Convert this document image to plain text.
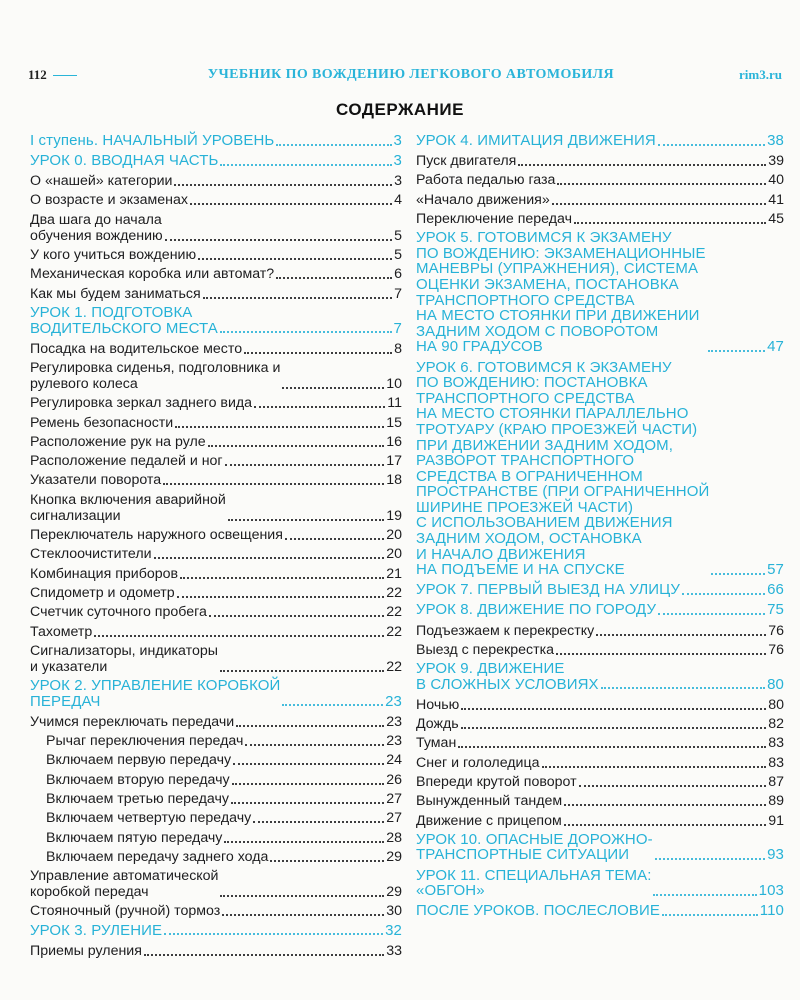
112	УЧЕБНИК ПО ВОЖДЕНИЮ ЛЕГКОВОГО АВТОМОБИЛЯ	rim3.ru
СОДЕРЖАНИЕ
I ступень. НАЧАЛЬНЫЙ УРОВЕНЬ	3
УРОК 0. ВВОДНАЯ ЧАСТЬ	3
О «нашей» категории	3
О возрасте и экзаменах	4
Два шага до начала
обучения вождению	5
У кого учиться вождению	5
Механическая коробка или автомат?	6
Как мы будем заниматься	7
УРОК 1. ПОДГОТОВКА
ВОДИТЕЛЬСКОГО МЕСТА	7
Посадка на водительское место	8
Регулировка сиденья, подголовника и
рулевого колеса	10
Регулировка зеркал заднего вида	11
Ремень безопасности	15
Расположение рук на руле	16
Расположение педалей и ног	17
Указатели поворота	18
Кнопка включения аварийной
сигнализации	19
Переключатель наружного освещения	20
Стеклоочистители	20
Комбинация приборов	21
Спидометр и одометр	22
Счетчик суточного пробега	22
Тахометр	22
Сигнализаторы, индикаторы
и указатели	22
УРОК 2. УПРАВЛЕНИЕ КОРОБКОЙ
ПЕРЕДАЧ	23
Учимся переключать передачи	23
Рычаг переключения передач	23
Включаем первую передачу	24
Включаем вторую передачу	26
Включаем третью передачу	27
Включаем четвертую передачу	27
Включаем пятую передачу	28
Включаем передачу заднего хода	29
Управление автоматической
коробкой передач	29
Стояночный (ручной) тормоз	30
УРОК 3. РУЛЕНИЕ	32
Приемы руления	33
УРОК 4. ИМИТАЦИЯ ДВИЖЕНИЯ	38
Пуск двигателя	39
Работа педалью газа	40
«Начало движения»	41
Переключение передач	45
УРОК 5. ГОТОВИМСЯ К ЭКЗАМЕНУ
ПО ВОЖДЕНИЮ: ЭКЗАМЕНАЦИОННЫЕ
МАНЕВРЫ (УПРАЖНЕНИЯ), СИСТЕМА
ОЦЕНКИ ЭКЗАМЕНА, ПОСТАНОВКА
ТРАНСПОРТНОГО СРЕДСТВА
НА МЕСТО СТОЯНКИ ПРИ ДВИЖЕНИИ
ЗАДНИМ ХОДОМ С ПОВОРОТОМ
НА 90 ГРАДУСОВ	47
УРОК 6. ГОТОВИМСЯ К ЭКЗАМЕНУ
ПО ВОЖДЕНИЮ: ПОСТАНОВКА
ТРАНСПОРТНОГО СРЕДСТВА
НА МЕСТО СТОЯНКИ ПАРАЛЛЕЛЬНО
ТРОТУАРУ (КРАЮ ПРОЕЗЖЕЙ ЧАСТИ)
ПРИ ДВИЖЕНИИ ЗАДНИМ ХОДОМ,
РАЗВОРОТ ТРАНСПОРТНОГО
СРЕДСТВА В ОГРАНИЧЕННОМ
ПРОСТРАНСТВЕ (ПРИ ОГРАНИЧЕННОЙ
ШИРИНЕ ПРОЕЗЖЕЙ ЧАСТИ)
С ИСПОЛЬЗОВАНИЕМ ДВИЖЕНИЯ
ЗАДНИМ ХОДОМ, ОСТАНОВКА
И НАЧАЛО ДВИЖЕНИЯ
НА ПОДЪЕМЕ И НА СПУСКЕ	57
УРОК 7. ПЕРВЫЙ ВЫЕЗД НА УЛИЦУ	66
УРОК 8. ДВИЖЕНИЕ ПО ГОРОДУ	75
Подъезжаем к перекрестку	76
Выезд с перекрестка	76
УРОК 9. ДВИЖЕНИЕ
В СЛОЖНЫХ УСЛОВИЯХ	80
Ночью	80
Дождь	82
Туман	83
Снег и гололедица	83
Впереди крутой поворот	87
Вынужденный тандем	89
Движение с прицепом	91
УРОК 10. ОПАСНЫЕ ДОРОЖНО-
ТРАНСПОРТНЫЕ СИТУАЦИИ	93
УРОК 11. СПЕЦИАЛЬНАЯ ТЕМА:
«ОБГОН»	103
ПОСЛЕ УРОКОВ. ПОСЛЕСЛОВИЕ	110
